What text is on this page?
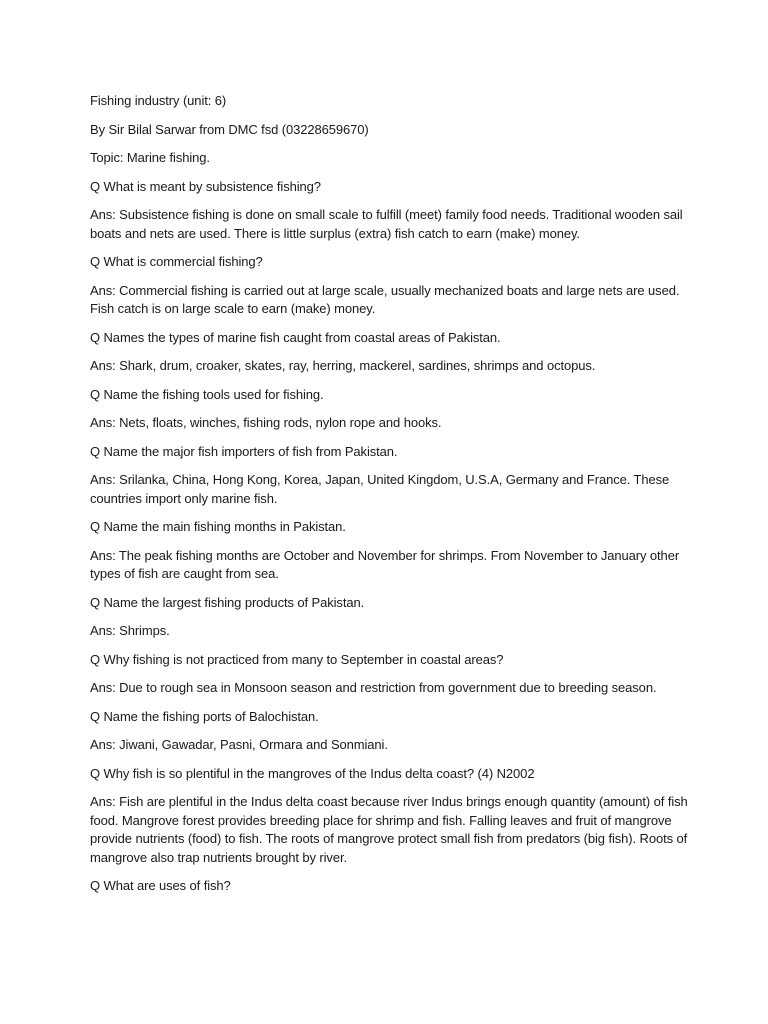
Fishing industry (unit: 6)

By Sir Bilal Sarwar from DMC fsd (03228659670)

Topic: Marine fishing.

Q What is meant by subsistence fishing?

Ans: Subsistence fishing is done on small scale to fulfill (meet) family food needs. Traditional wooden sail boats and nets are used. There is little surplus (extra) fish catch to earn (make) money.

Q What is commercial fishing?

Ans: Commercial fishing is carried out at large scale, usually mechanized boats and large nets are used. Fish catch is on large scale to earn (make) money.

Q Names the types of marine fish caught from coastal areas of Pakistan.

Ans: Shark, drum, croaker, skates, ray, herring, mackerel, sardines, shrimps and octopus.

Q Name the fishing tools used for fishing.

Ans: Nets, floats, winches, fishing rods, nylon rope and hooks.

Q Name the major fish importers of fish from Pakistan.

Ans: Srilanka, China, Hong Kong, Korea, Japan, United Kingdom, U.S.A, Germany and France. These countries import only marine fish.

Q Name the main fishing months in Pakistan.

Ans: The peak fishing months are October and November for shrimps. From November to January other types of fish are caught from sea.

Q Name the largest fishing products of Pakistan.

Ans: Shrimps.

Q Why fishing is not practiced from many to September in coastal areas?

Ans: Due to rough sea in Monsoon season and restriction from government due to breeding season.

Q Name the fishing ports of Balochistan.

Ans: Jiwani, Gawadar, Pasni, Ormara and Sonmiani.

Q Why fish is so plentiful in the mangroves of the Indus delta coast? (4) N2002

Ans: Fish are plentiful in the Indus delta coast because river Indus brings enough quantity (amount) of fish food. Mangrove forest provides breeding place for shrimp and fish. Falling leaves and fruit of mangrove provide nutrients (food) to fish. The roots of mangrove protect small fish from predators (big fish). Roots of mangrove also trap nutrients brought by river.

Q What are uses of fish?
